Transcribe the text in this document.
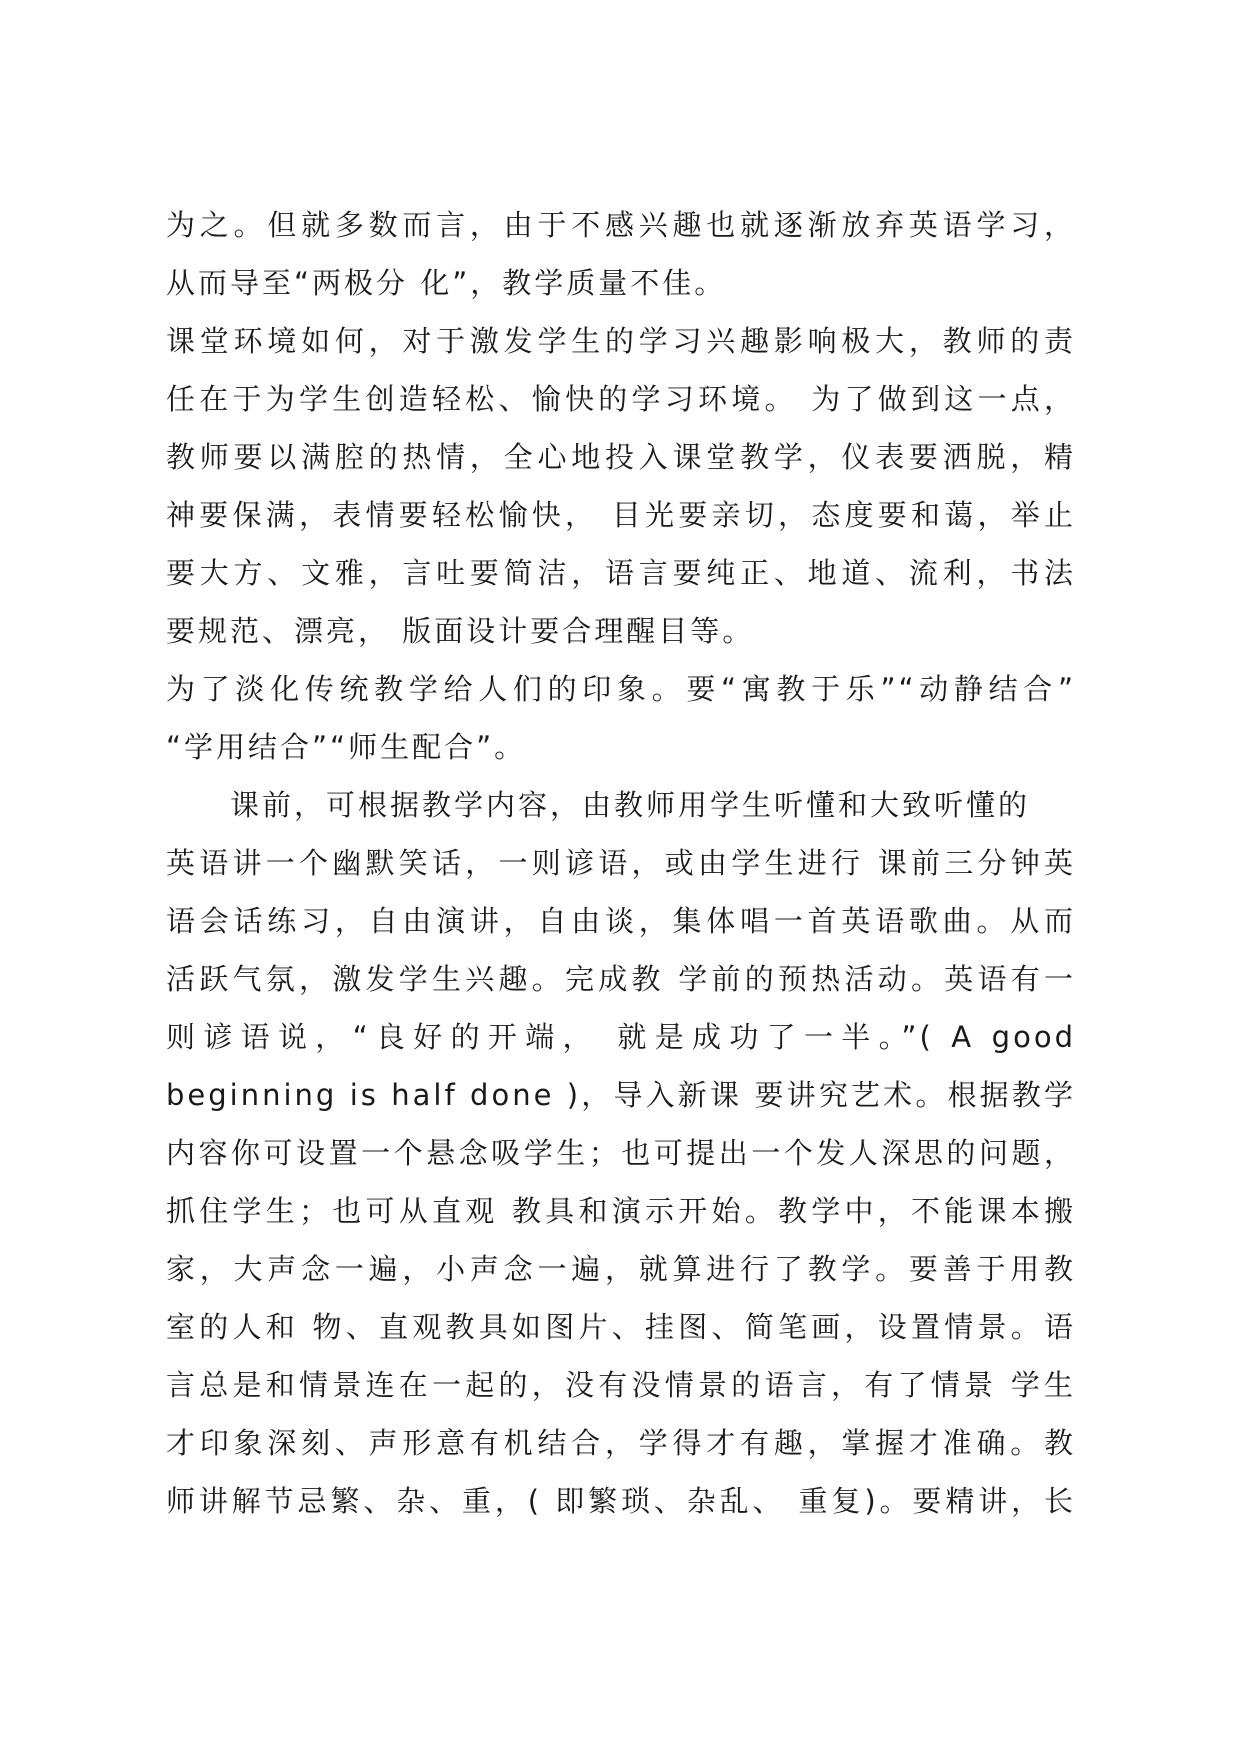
为之。但就多数而言，由于不感兴趣也就逐渐放弃英语学习，
从而导至“两极分 化”，教学质量不佳。
课堂环境如何，对于激发学生的学习兴趣影响极大，教师的责
任在于为学生创造轻松、愉快的学习环境。 为了做到这一点，
教师要以满腔的热情，全心地投入课堂教学，仪表要洒脱，精
神要保满，表情要轻松愉快， 目光要亲切，态度要和蔼，举止
要大方、文雅，言吐要简洁，语言要纯正、地道、流利，书法
要规范、漂亮， 版面设计要合理醒目等。
为了淡化传统教学给人们的印象。要“寓教于乐”“动静结合”
“学用结合”“师生配合”。
　　课前，可根据教学内容，由教师用学生听懂和大致听懂的
英语讲一个幽默笑话，一则谚语，或由学生进行 课前三分钟英
语会话练习，自由演讲，自由谈，集体唱一首英语歌曲。从而
活跃气氛，激发学生兴趣。完成教 学前的预热活动。英语有一
则谚语说，“良好的开端， 就是成功了一半。”( A good
beginning is half done )，导入新课 要讲究艺术。根据教学
内容你可设置一个悬念吸学生；也可提出一个发人深思的问题，
抓住学生；也可从直观 教具和演示开始。教学中，不能课本搬
家，大声念一遍，小声念一遍，就算进行了教学。要善于用教
室的人和 物、直观教具如图片、挂图、简笔画，设置情景。语
言总是和情景连在一起的，没有没情景的语言，有了情景 学生
才印象深刻、声形意有机结合，学得才有趣，掌握才准确。教
师讲解节忌繁、杂、重，( 即繁琐、杂乱、 重复)。要精讲，长
